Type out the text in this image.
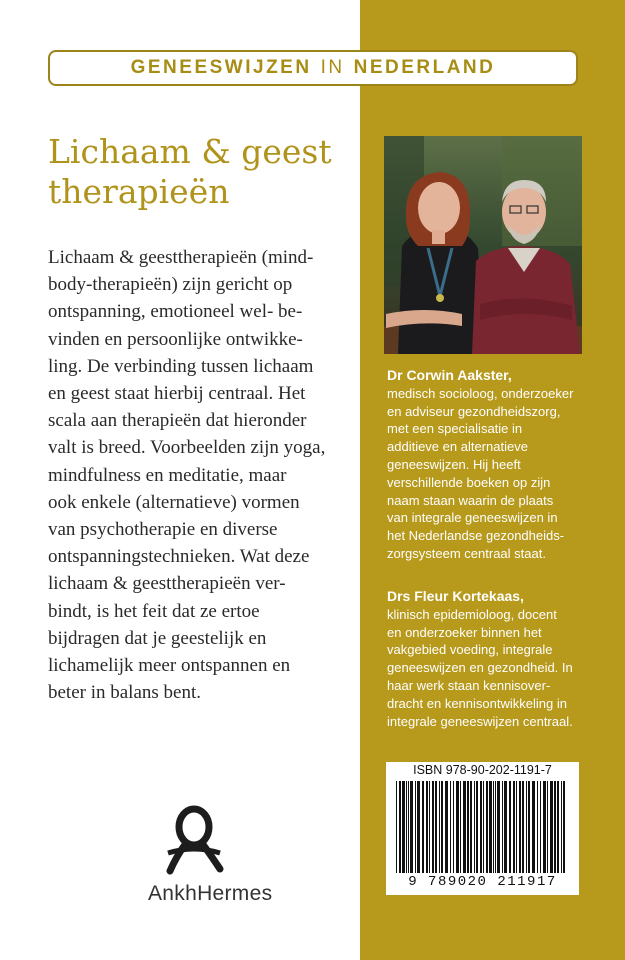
GENEESWIJZEN IN NEDERLAND
Lichaam & geest
therapieën
Lichaam & geesttherapieën (mind-
body-therapieën) zijn gericht op
ontspanning, emotioneel wel- be-
vinden en persoonlijke ontwikke-
ling. De verbinding tussen lichaam
en geest staat hierbij centraal. Het
scala aan therapieën dat hieronder
valt is breed. Voorbeelden zijn yoga,
mindfulness en meditatie, maar
ook enkele (alternatieve) vormen
van psychotherapie en diverse
ontspanningstechnieken. Wat deze
lichaam & geesttherapieën ver-
bindt, is het feit dat ze ertoe
bijdragen dat je geestelijk en
lichamelijk meer ontspannen en
beter in balans bent.
Dr Corwin Aakster,
medisch socioloog, onderzoeker
en adviseur gezondheidszorg,
met een specialisatie in
additieve en alternatieve
geneeswijzen. Hij heeft
verschillende boeken op zijn
naam staan waarin de plaats
van integrale geneeswijzen in
het Nederlandse gezondheids-
zorgsysteem centraal staat.
Drs Fleur Kortekaas,
klinisch epidemioloog, docent
en onderzoeker binnen het
vakgebied voeding, integrale
geneeswijzen en gezondheid. In
haar werk staan kennisover-
dracht en kennisontwikkeling in
integrale geneeswijzen centraal.
ISBN 978-90-202-1191-7
9 789020 211917
AnkhHermes
